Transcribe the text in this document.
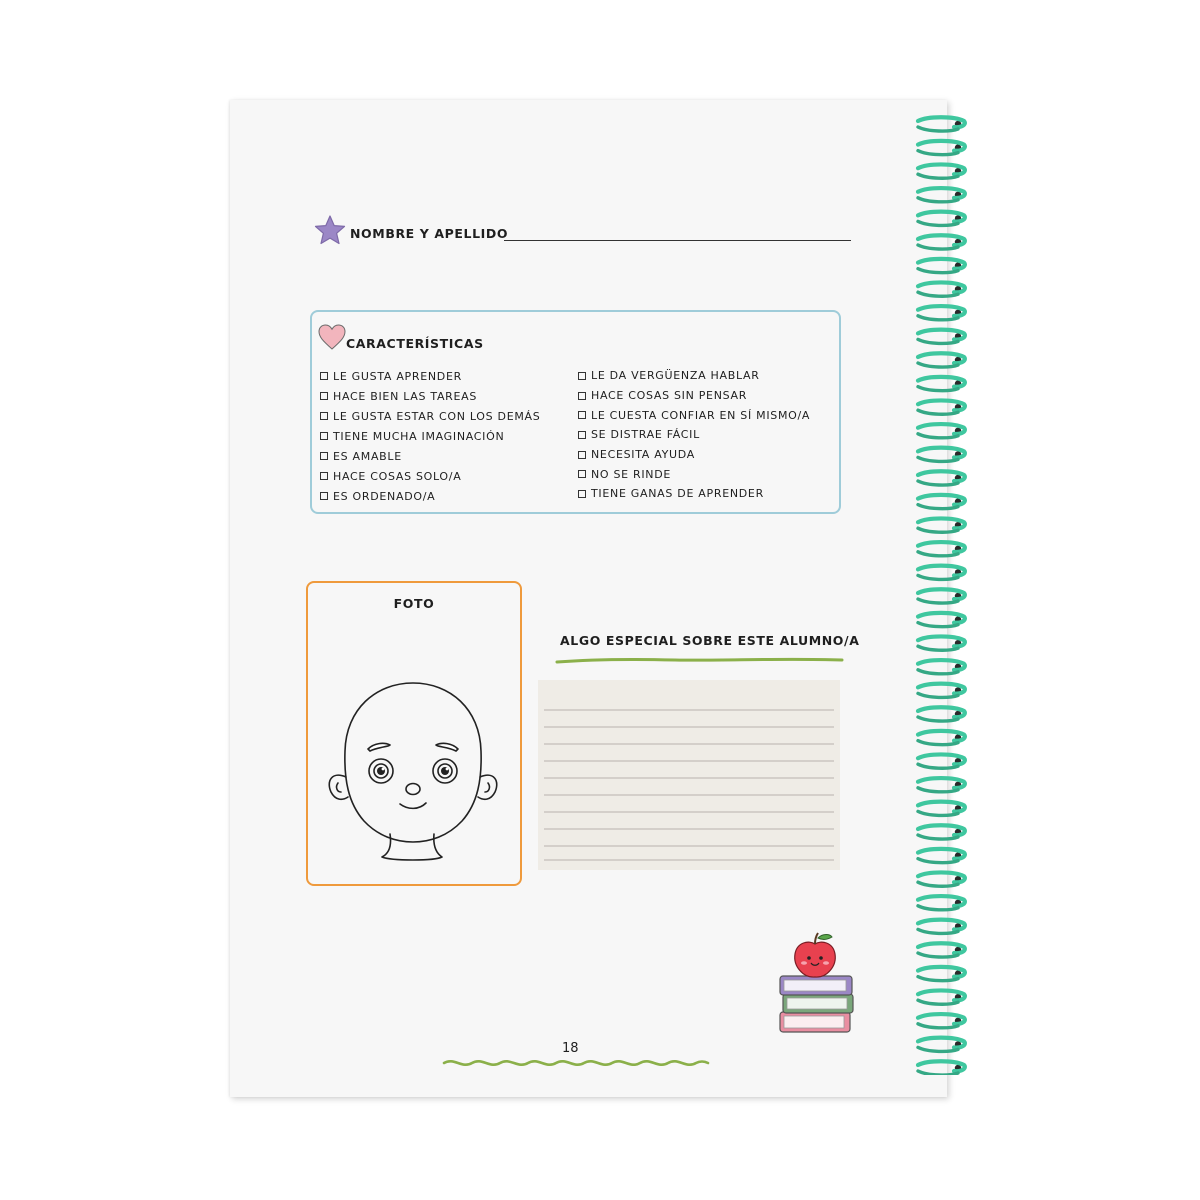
NOMBRE Y APELLIDO
CARACTERÍSTICAS
LE GUSTA APRENDER
HACE BIEN LAS TAREAS
LE GUSTA ESTAR CON LOS DEMÁS
TIENE MUCHA IMAGINACIÓN
ES AMABLE
HACE COSAS SOLO/A
ES ORDENADO/A
LE DA VERGÜENZA HABLAR
HACE COSAS SIN PENSAR
LE CUESTA CONFIAR EN SÍ MISMO/A
SE DISTRAE FÁCIL
NECESITA AYUDA
NO SE RINDE
TIENE GANAS DE APRENDER
FOTO
ALGO ESPECIAL SOBRE ESTE ALUMNO/A
18
